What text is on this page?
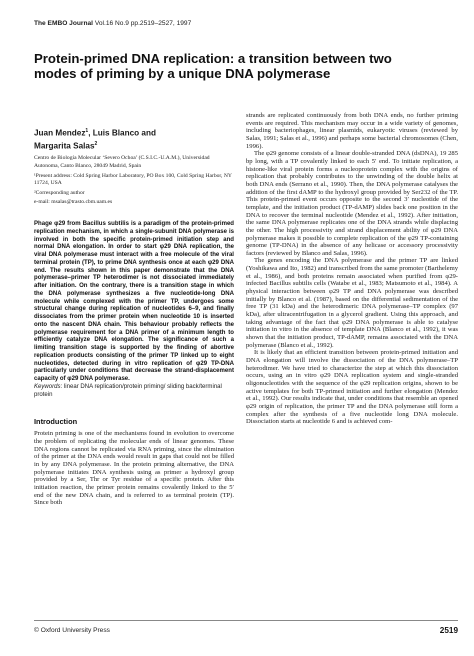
The EMBO Journal Vol.16 No.9 pp.2519–2527, 1997
Protein-primed DNA replication: a transition between two modes of priming by a unique DNA polymerase
Juan Mendez$^1$, Luis Blanco and
Margarita Salas$^2$

Centro de Biología Molecular ‘Severo Ochoa’ (C.S.I.C.-U.A.M.), Universidad Autonoma, Canto Blanco, 28049 Madrid, Spain

¹Present address: Cold Spring Harbor Laboratory, PO Box 100, Cold Spring Harbor, NY 11724, USA

²Corresponding author

e-mail: msalas@trasto.cbm.uam.es

Phage φ29 from Bacillus subtilis is a paradigm of the protein-primed replication mechanism, in which a single-subunit DNA polymerase is involved in both the specific protein-primed initiation step and normal DNA elongation. In order to start φ29 DNA replication, the viral DNA polymerase must interact with a free molecule of the viral terminal protein (TP), to prime DNA synthesis once at each φ29 DNA end. The results shown in this paper demonstrate that the DNA polymerase–primer TP heterodimer is not dissociated immediately after initiation. On the contrary, there is a transition stage in which the DNA polymerase synthesizes a five nucleotide-long DNA molecule while complexed with the primer TP, undergoes some structural change during replication of nucleotides 6–9, and finally dissociates from the primer protein when nucleotide 10 is inserted onto the nascent DNA chain. This behaviour probably reflects the polymerase requirement for a DNA primer of a minimum length to efficiently catalyze DNA elongation. The significance of such a limiting transition stage is supported by the finding of abortive replication products consisting of the primer TP linked up to eight nucleotides, detected during in vitro replication of φ29 TP-DNA particularly under conditions that decrease the strand-displacement capacity of φ29 DNA polymerase.
Keywords: linear DNA replication/protein priming/ sliding back/terminal protein
Introduction

Protein priming is one of the mechanisms found in evolution to overcome the problem of replicating the molecular ends of linear genomes. These DNA regions cannot be replicated via RNA priming, since the elimination of the primer at the DNA ends would result in gaps that could not be filled in by any DNA polymerase. In the protein priming alternative, the DNA polymerase initiates DNA synthesis using as primer a hydroxyl group provided by a Ser, Thr or Tyr residue of a specific protein. After this initiation reaction, the primer protein remains covalently linked to the 5′ end of the new DNA chain, and is referred to as terminal protein (TP). Since both

strands are replicated continuously from both DNA ends, no further priming events are required. This mechanism may occur in a wide variety of genomes, including bacteriophages, linear plasmids, eukaryotic viruses (reviewed by Salas, 1991; Salas et al., 1996) and perhaps some bacterial chromosomes (Chen, 1996).

The φ29 genome consists of a linear double-stranded DNA (dsDNA), 19 285 bp long, with a TP covalently linked to each 5′ end. To initiate replication, a histone-like viral protein forms a nucleoprotein complex with the origins of replication that probably contributes to the unwinding of the double helix at both DNA ends (Serrano et al., 1990). Then, the DNA polymerase catalyses the addition of the first dAMP to the hydroxyl group provided by Ser232 of the TP. This protein-primed event occurs opposite to the second 3′ nucleotide of the template, and the initiation product (TP-dAMP) slides back one position in the DNA to recover the terminal nucleotide (Mendez et al., 1992). After initiation, the same DNA polymerase replicates one of the DNA strands while displacing the other. The high processivity and strand displacement ability of φ29 DNA polymerase makes it possible to complete replication of the φ29 TP-containing genome (TP-DNA) in the absence of any helicase or accessory processivity factors (reviewed by Blanco and Salas, 1996).

The genes encoding the DNA polymerase and the primer TP are linked (Yoshikawa and Ito, 1982) and transcribed from the same promoter (Barthelemy et al., 1986), and both proteins remain associated when purified from φ29-infected Bacillus subtilis cells (Watabe et al., 1983; Matsumoto et al., 1984). A physical interaction between φ29 TP and DNA polymerase was described initially by Blanco et al. (1987), based on the differential sedimentation of the free TP (31 kDa) and the heterodimeric DNA polymerase–TP complex (97 kDa), after ultracentrifugation in a glycerol gradient. Using this approach, and taking advantage of the fact that φ29 DNA polymerase is able to catalyse initiation in vitro in the absence of template DNA (Blanco et al., 1992), it was shown that the initiation product, TP-dAMP, remains associated with the DNA polymerase (Blanco et al., 1992).

It is likely that an efficient transition between protein-primed initiation and DNA elongation will involve the dissociation of the DNA polymerase–TP heterodimer. We have tried to characterize the step at which this dissociation occurs, using an in vitro φ29 DNA replication system and single-stranded oligonucleotides with the sequence of the φ29 replication origins, shown to be active templates for both TP-primed initiation and further elongation (Mendez et al., 1992). Our results indicate that, under conditions that resemble an opened φ29 origin of replication, the primer TP and the DNA polymerase still form a complex after the synthesis of a five nucleotide long DNA molecule. Dissociation starts at nucleotide 6 and is achieved com-

© Oxford University Press	2519
